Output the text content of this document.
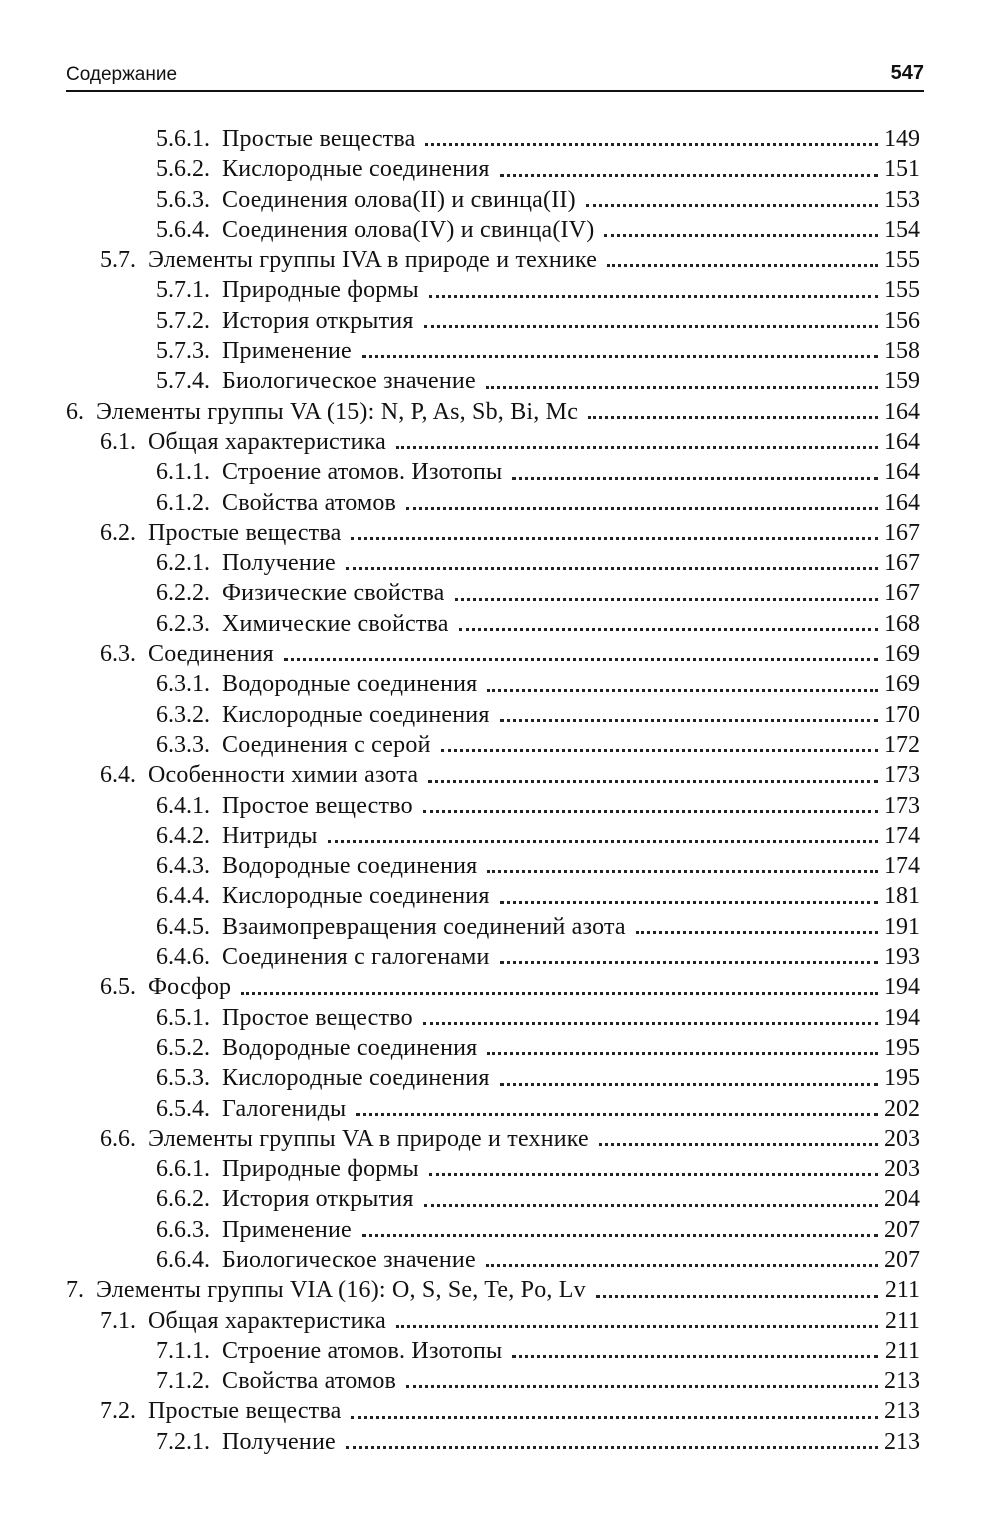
Содержание	547
5.6.1. Простые вещества	149
5.6.2. Кислородные соединения	151
5.6.3. Соединения олова(II) и свинца(II)	153
5.6.4. Соединения олова(IV) и свинца(IV)	154
5.7. Элементы группы IVA в природе и технике	155
5.7.1. Природные формы	155
5.7.2. История открытия	156
5.7.3. Применение	158
5.7.4. Биологическое значение	159
6. Элементы группы VA (15): N, P, As, Sb, Bi, Mc	164
6.1. Общая характеристика	164
6.1.1. Строение атомов. Изотопы	164
6.1.2. Свойства атомов	164
6.2. Простые вещества	167
6.2.1. Получение	167
6.2.2. Физические свойства	167
6.2.3. Химические свойства	168
6.3. Соединения	169
6.3.1. Водородные соединения	169
6.3.2. Кислородные соединения	170
6.3.3. Соединения с серой	172
6.4. Особенности химии азота	173
6.4.1. Простое вещество	173
6.4.2. Нитриды	174
6.4.3. Водородные соединения	174
6.4.4. Кислородные соединения	181
6.4.5. Взаимопревращения соединений азота	191
6.4.6. Соединения с галогенами	193
6.5. Фосфор	194
6.5.1. Простое вещество	194
6.5.2. Водородные соединения	195
6.5.3. Кислородные соединения	195
6.5.4. Галогениды	202
6.6. Элементы группы VA в природе и технике	203
6.6.1. Природные формы	203
6.6.2. История открытия	204
6.6.3. Применение	207
6.6.4. Биологическое значение	207
7. Элементы группы VIA (16): O, S, Se, Te, Po, Lv	211
7.1. Общая характеристика	211
7.1.1. Строение атомов. Изотопы	211
7.1.2. Свойства атомов	213
7.2. Простые вещества	213
7.2.1. Получение	213
